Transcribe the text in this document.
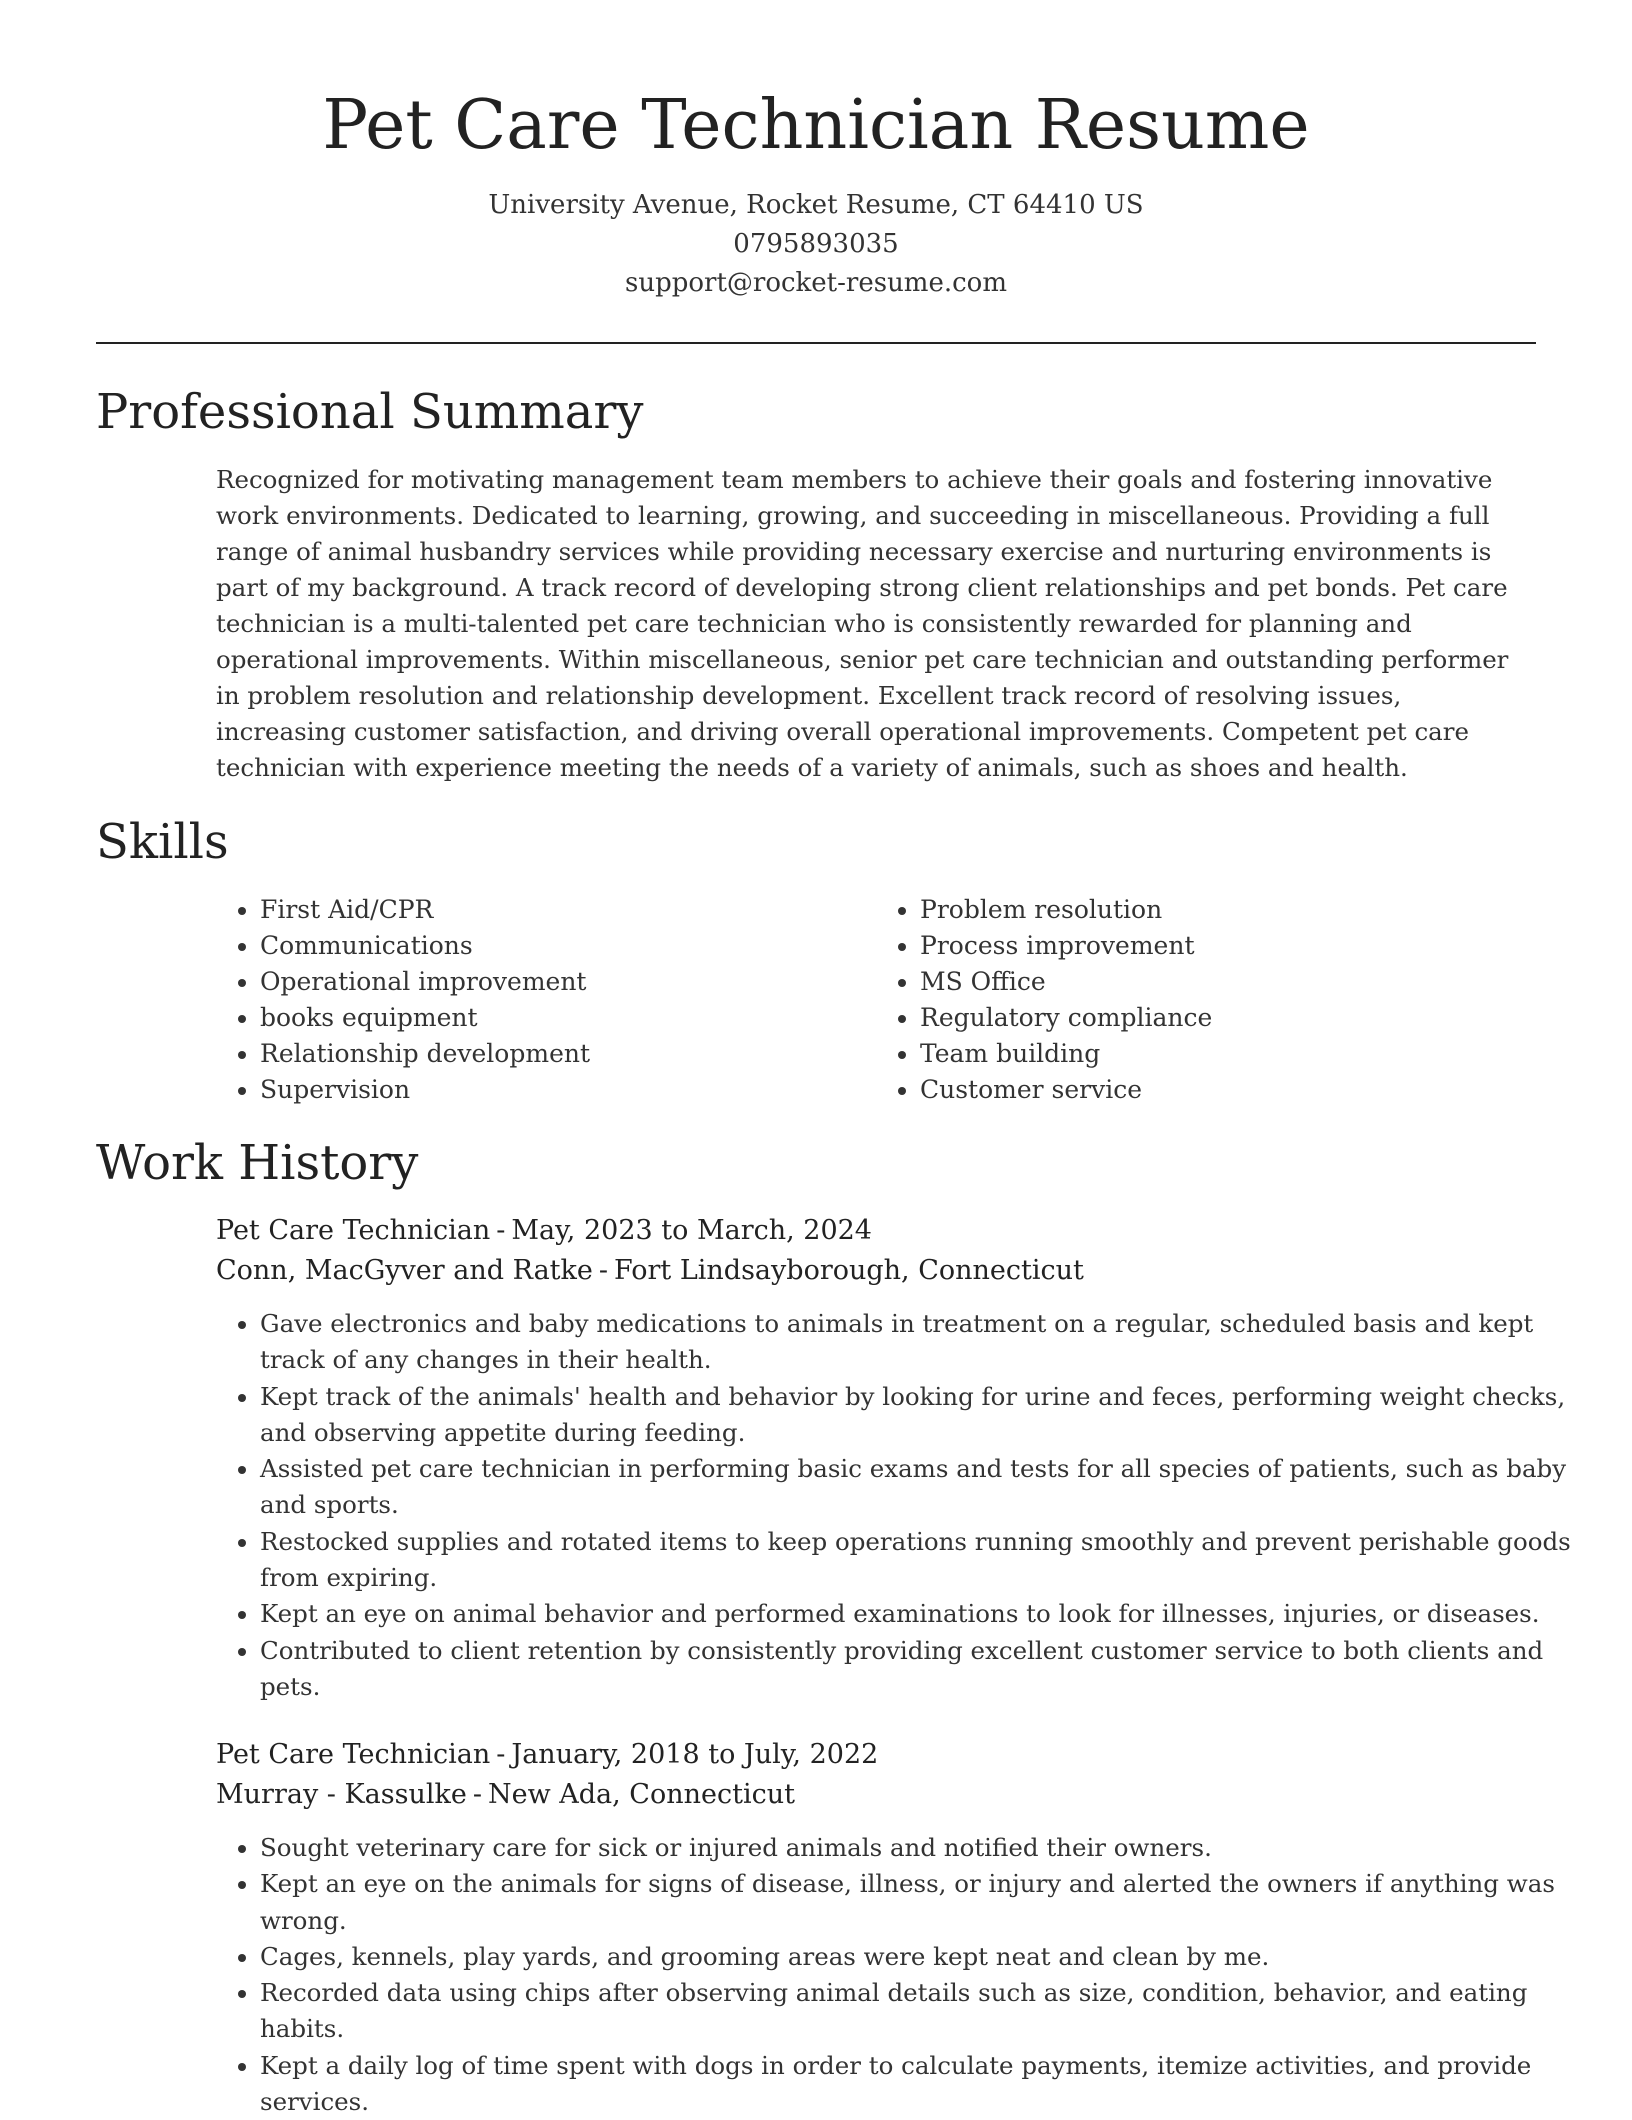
Pet Care Technician Resume
University Avenue, Rocket Resume, CT 64410 US
0795893035
support@rocket-resume.com
Professional Summary

Recognized for motivating management team members to achieve their goals and fostering innovative work environments. Dedicated to learning, growing, and succeeding in miscellaneous. Providing a full range of animal husbandry services while providing necessary exercise and nurturing environments is part of my background. A track record of developing strong client relationships and pet bonds. Pet care technician is a multi-talented pet care technician who is consistently rewarded for planning and operational improvements. Within miscellaneous, senior pet care technician and outstanding performer in problem resolution and relationship development. Excellent track record of resolving issues, increasing customer satisfaction, and driving overall operational improvements. Competent pet care technician with experience meeting the needs of a variety of animals, such as shoes and health.

Skills
• First Aid/CPR
• Communications
• Operational improvement
• books equipment
• Relationship development
• Supervision
• Problem resolution
• Process improvement
• MS Office
• Regulatory compliance
• Team building
• Customer service
Work History
Pet Care Technician - May, 2023 to March, 2024
Conn, MacGyver and Ratke - Fort Lindsayborough, Connecticut
• Gave electronics and baby medications to animals in treatment on a regular, scheduled basis and kept track of any changes in their health.
• Kept track of the animals' health and behavior by looking for urine and feces, performing weight checks, and observing appetite during feeding.
• Assisted pet care technician in performing basic exams and tests for all species of patients, such as baby and sports.
• Restocked supplies and rotated items to keep operations running smoothly and prevent perishable goods from expiring.
• Kept an eye on animal behavior and performed examinations to look for illnesses, injuries, or diseases.
• Contributed to client retention by consistently providing excellent customer service to both clients and pets.
Pet Care Technician - January, 2018 to July, 2022
Murray - Kassulke - New Ada, Connecticut
• Sought veterinary care for sick or injured animals and notified their owners.
• Kept an eye on the animals for signs of disease, illness, or injury and alerted the owners if anything was wrong.
• Cages, kennels, play yards, and grooming areas were kept neat and clean by me.
• Recorded data using chips after observing animal details such as size, condition, behavior, and eating habits.
• Kept a daily log of time spent with dogs in order to calculate payments, itemize activities, and provide services.
